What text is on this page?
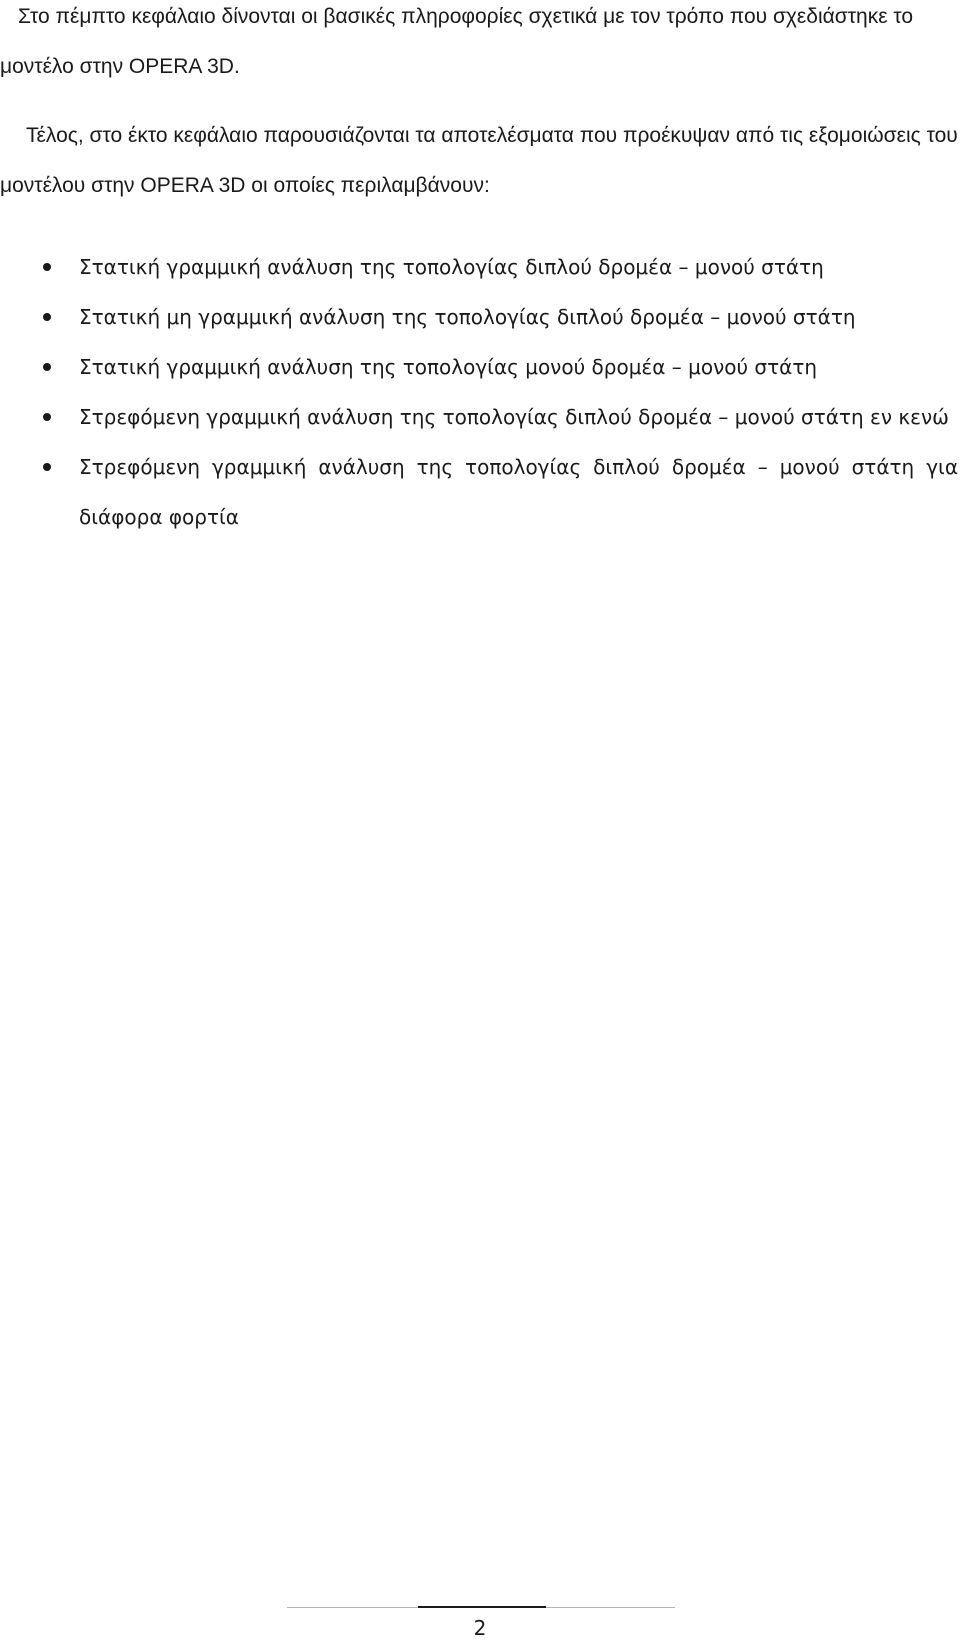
Στο πέμπτο κεφάλαιο δίνονται οι βασικές πληροφορίες σχετικά με τον τρόπο που σχεδιάστηκε το μοντέλο στην OPERA 3D.

Τέλος, στο έκτο κεφάλαιο παρουσιάζονται τα αποτελέσματα που προέκυψαν από τις εξομοιώσεις του μοντέλου στην OPERA 3D οι οποίες περιλαμβάνουν:

Στατική γραμμική ανάλυση της τοπολογίας διπλού δρομέα – μονού στάτη
Στατική μη γραμμική ανάλυση της τοπολογίας διπλού δρομέα – μονού στάτη
Στατική γραμμική ανάλυση της τοπολογίας μονού δρομέα – μονού στάτη
Στρεφόμενη γραμμική ανάλυση της τοπολογίας διπλού δρομέα – μονού στάτη εν κενώ
Στρεφόμενη γραμμική ανάλυση της τοπολογίας διπλού δρομέα – μονού στάτη για διάφορα φορτία
2
